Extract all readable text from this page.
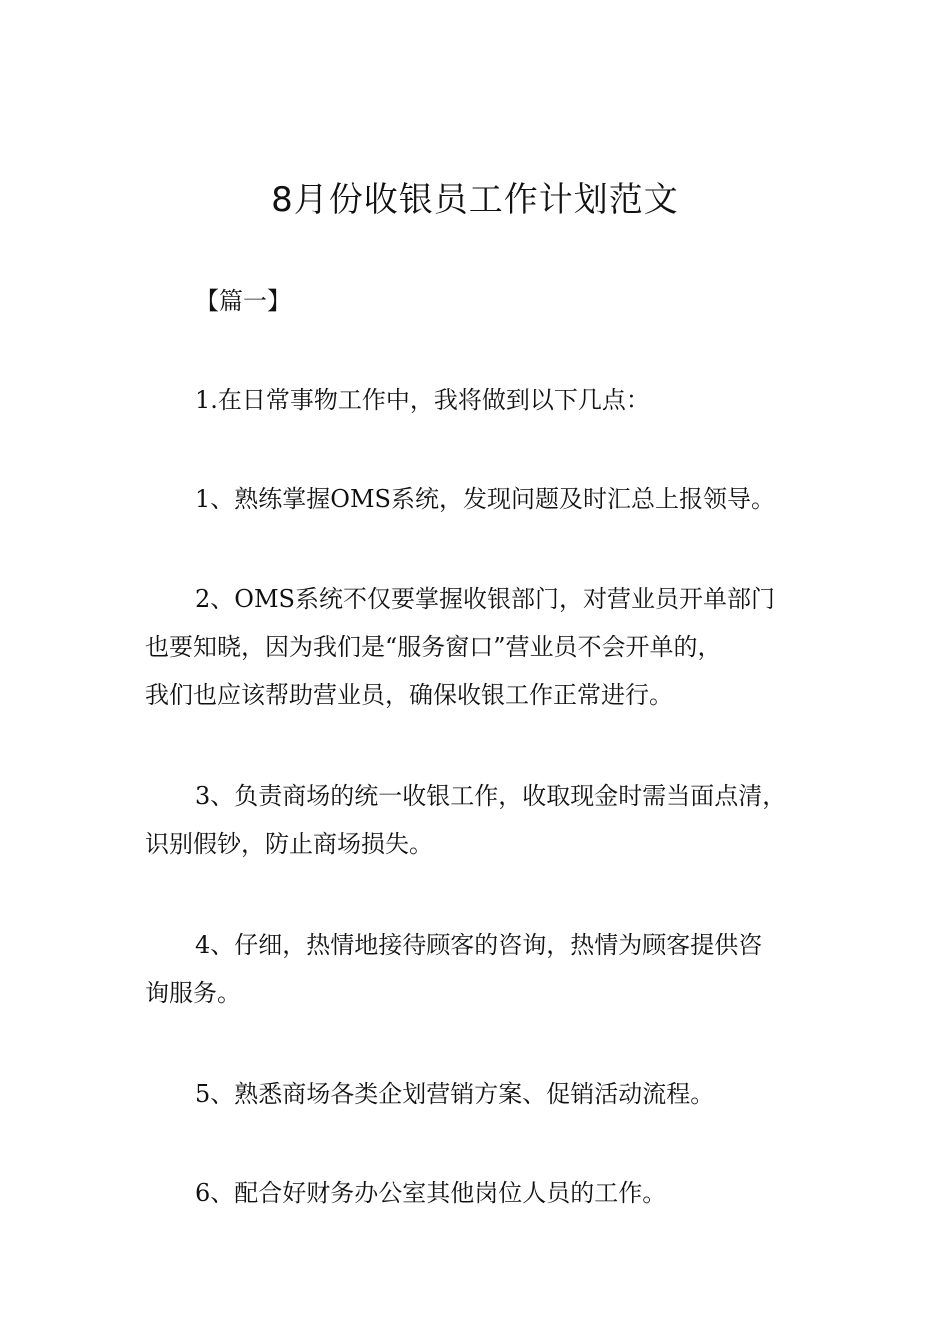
8月份收银员工作计划范文

【篇一】

1.在日常事物工作中，我将做到以下几点：

1、熟练掌握OMS系统，发现问题及时汇总上报领导。

2、OMS系统不仅要掌握收银部门，对营业员开单部门
也要知晓，因为我们是“服务窗口”营业员不会开单的，
我们也应该帮助营业员，确保收银工作正常进行。

3、负责商场的统一收银工作，收取现金时需当面点清，
识别假钞，防止商场损失。

4、仔细，热情地接待顾客的咨询，热情为顾客提供咨
询服务。

5、熟悉商场各类企划营销方案、促销活动流程。

6、配合好财务办公室其他岗位人员的工作。
